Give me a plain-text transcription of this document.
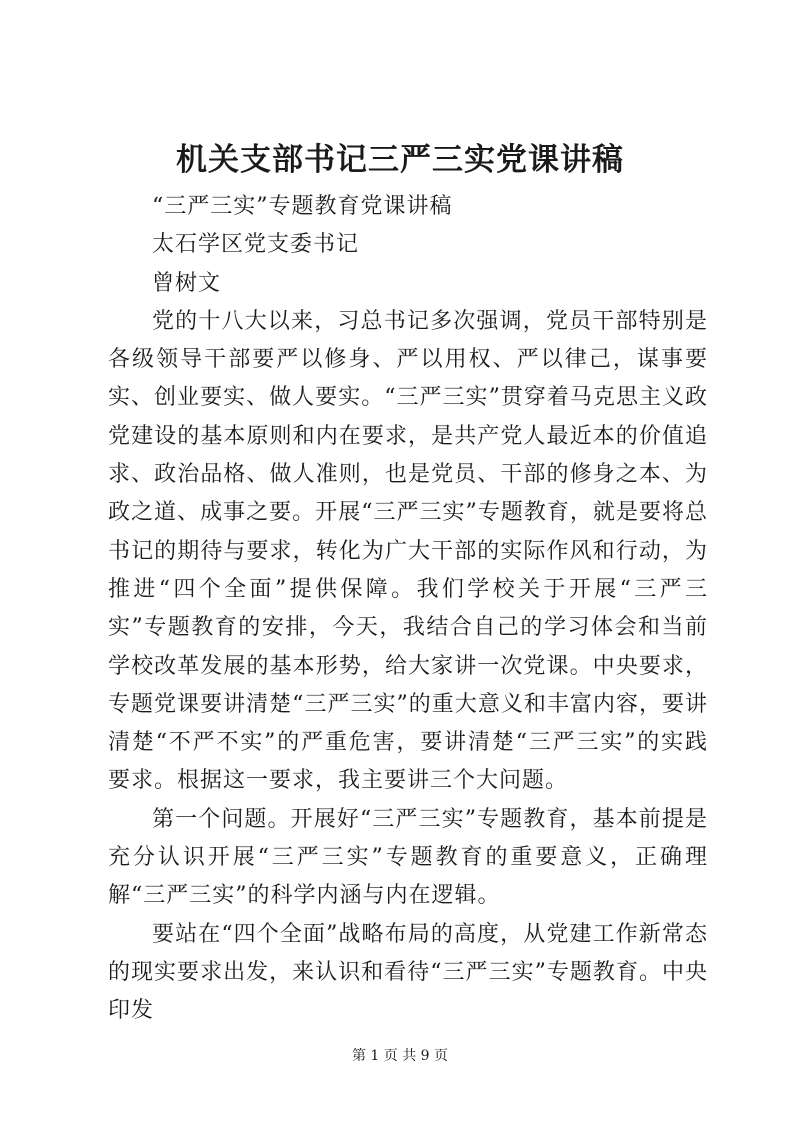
机关支部书记三严三实党课讲稿

“三严三实”专题教育党课讲稿

太石学区党支委书记

曾树文

党的十八大以来，习总书记多次强调，党员干部特别是各级领导干部要严以修身、严以用权、严以律己，谋事要实、创业要实、做人要实。“三严三实”贯穿着马克思主义政党建设的基本原则和内在要求，是共产党人最近本的价值追求、政治品格、做人准则，也是党员、干部的修身之本、为政之道、成事之要。开展“三严三实”专题教育，就是要将总书记的期待与要求，转化为广大干部的实际作风和行动，为推进“四个全面”提供保障。我们学校关于开展“三严三实”专题教育的安排，今天，我结合自己的学习体会和当前学校改革发展的基本形势，给大家讲一次党课。中央要求，专题党课要讲清楚“三严三实”的重大意义和丰富内容，要讲清楚“不严不实”的严重危害，要讲清楚“三严三实”的实践要求。根据这一要求，我主要讲三个大问题。

第一个问题。开展好“三严三实”专题教育，基本前提是充分认识开展“三严三实”专题教育的重要意义，正确理解“三严三实”的科学内涵与内在逻辑。

要站在“四个全面”战略布局的高度，从党建工作新常态的现实要求出发，来认识和看待“三严三实”专题教育。中央印发

第 1 页 共 9 页
